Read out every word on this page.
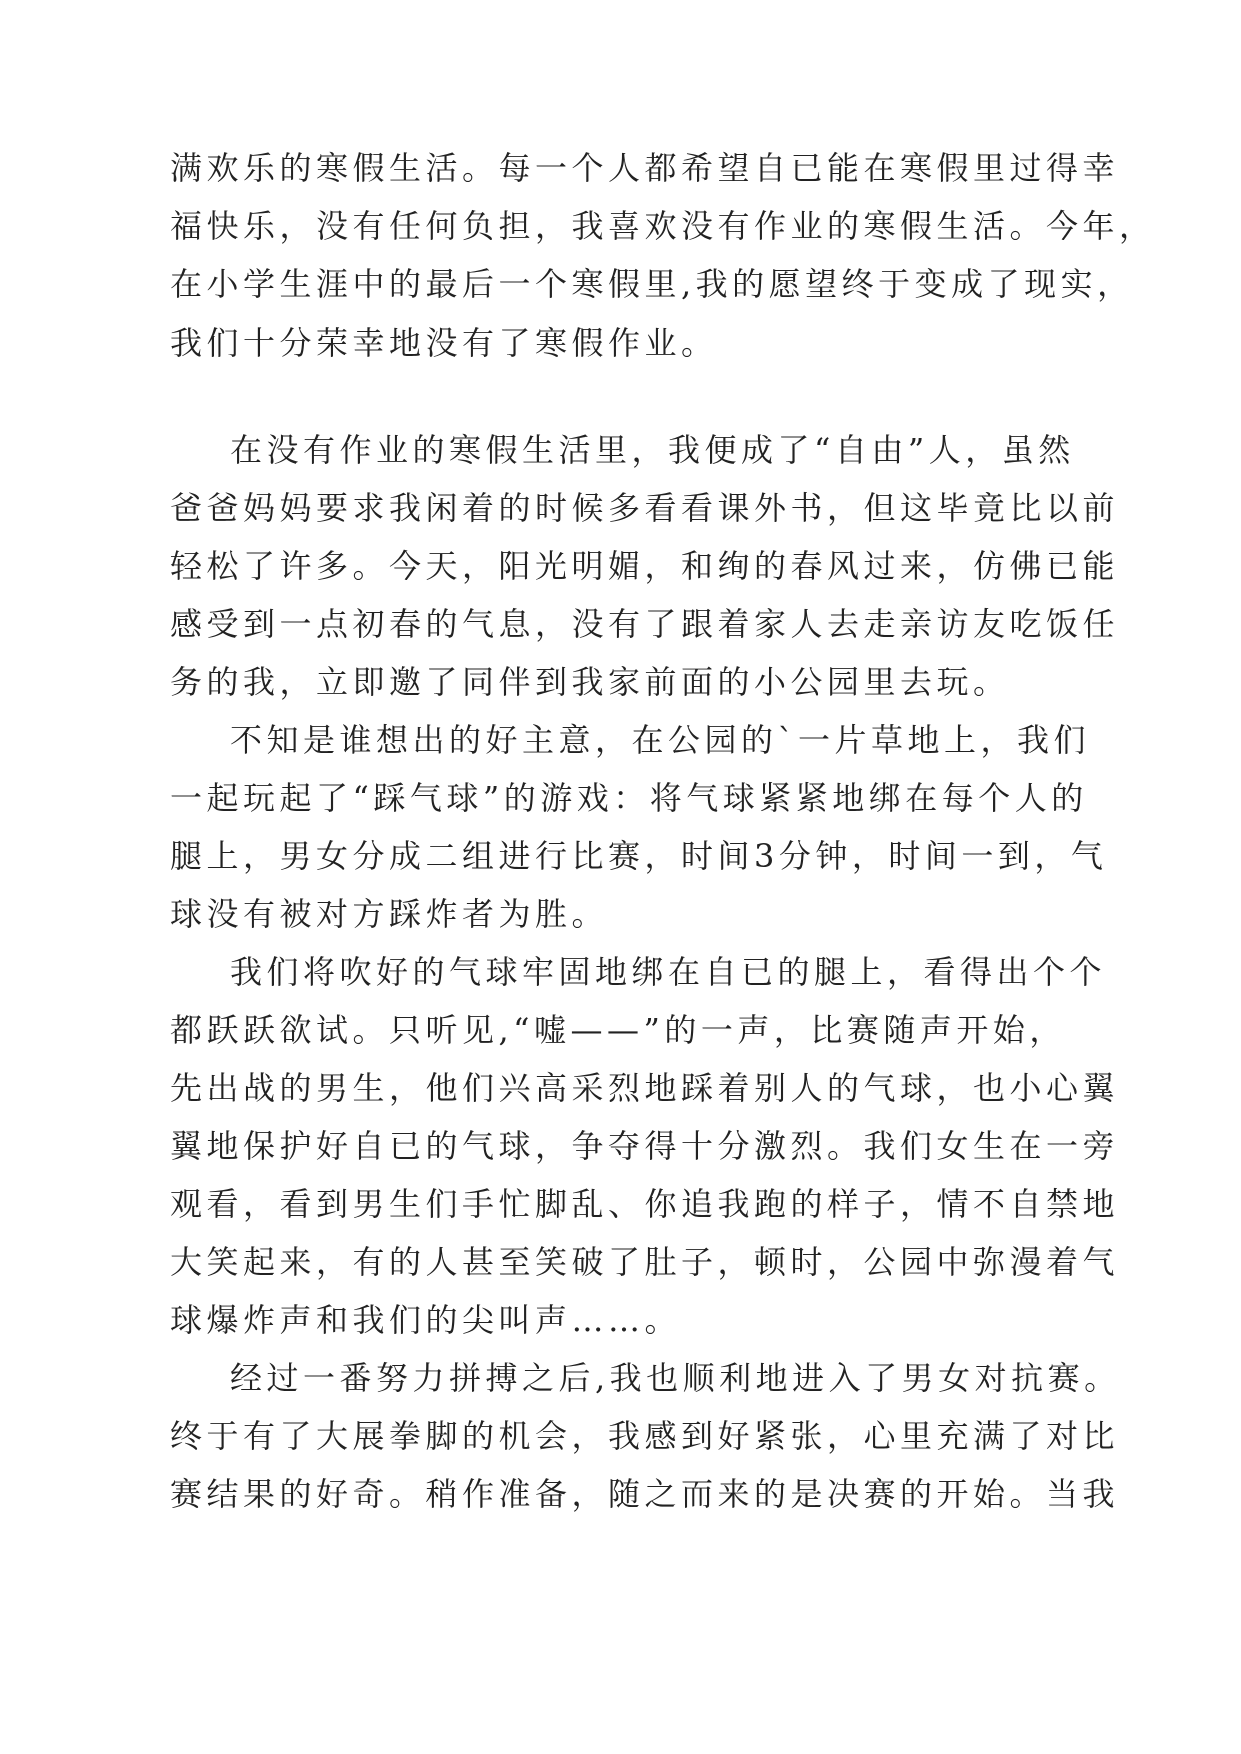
满欢乐的寒假生活。每一个人都希望自已能在寒假里过得幸
福快乐，没有任何负担，我喜欢没有作业的寒假生活。今年，
在小学生涯中的最后一个寒假里,我的愿望终于变成了现实，
我们十分荣幸地没有了寒假作业。
在没有作业的寒假生活里，我便成了“自由”人，虽然
爸爸妈妈要求我闲着的时候多看看课外书，但这毕竟比以前
轻松了许多。今天，阳光明媚，和绚的春风过来，仿佛已能
感受到一点初春的气息，没有了跟着家人去走亲访友吃饭任
务的我，立即邀了同伴到我家前面的小公园里去玩。
不知是谁想出的好主意，在公园的`一片草地上，我们
一起玩起了“踩气球”的游戏：将气球紧紧地绑在每个人的
腿上，男女分成二组进行比赛，时间3分钟，时间一到，气
球没有被对方踩炸者为胜。
我们将吹好的气球牢固地绑在自已的腿上，看得出个个
都跃跃欲试。只听见,“嘘——”的一声，比赛随声开始，
先出战的男生，他们兴高采烈地踩着别人的气球，也小心翼
翼地保护好自已的气球，争夺得十分激烈。我们女生在一旁
观看，看到男生们手忙脚乱、你追我跑的样子，情不自禁地
大笑起来，有的人甚至笑破了肚子，顿时，公园中弥漫着气
球爆炸声和我们的尖叫声……。
经过一番努力拼搏之后,我也顺利地进入了男女对抗赛。
终于有了大展拳脚的机会，我感到好紧张，心里充满了对比
赛结果的好奇。稍作准备，随之而来的是决赛的开始。当我
